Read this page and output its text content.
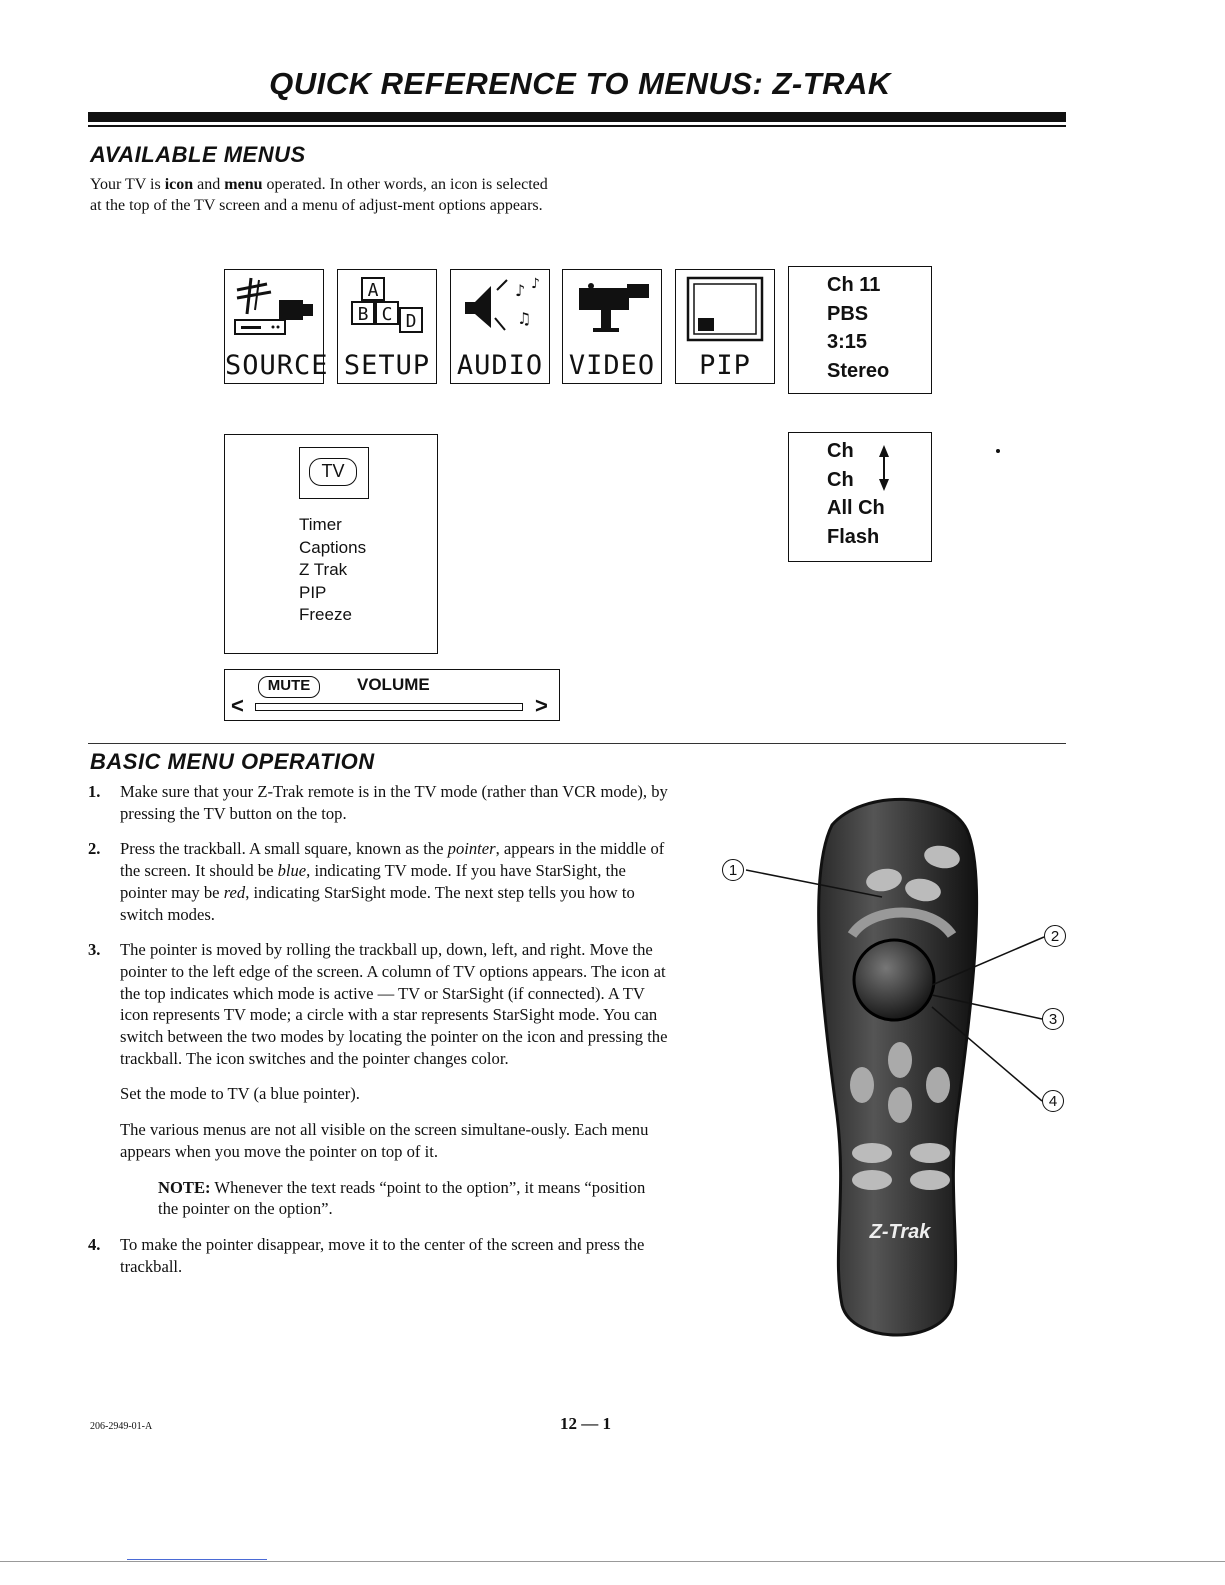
QUICK REFERENCE TO MENUS: Z-TRAK
AVAILABLE MENUS
Your TV is icon and menu operated. In other words, an icon is selected at the top of the TV screen and a menu of adjust-ment options appears.
SOURCE
A
B C D
SETUP
♪ ♪
♫
AUDIO VIDEO	PIP
Ch 11
PBS
3:15
Stereo
TV
Timer
Captions
Z Trak
PIP
Freeze
Ch
Ch
All Ch
Flash
MUTE	VOLUME
<	>
BASIC MENU OPERATION
1. Make sure that your Z-Trak remote is in the TV mode (rather than VCR mode), by pressing the TV button on the top.
2. Press the trackball. A small square, known as the pointer, appears in the middle of the screen. It should be blue, indicating TV mode. If you have StarSight, the pointer may be red, indicating StarSight mode. The next step tells you how to switch modes.
3. The pointer is moved by rolling the trackball up, down, left, and right. Move the pointer to the left edge of the screen. A column of TV options appears. The icon at the top indicates which mode is active — TV or StarSight (if connected). A TV icon represents TV mode; a circle with a star represents StarSight mode. You can switch between the two modes by locating the pointer on the icon and pressing the trackball. The icon switches and the pointer changes color.
Set the mode to TV (a blue pointer).
The various menus are not all visible on the screen simultane-ously. Each menu appears when you move the pointer on top of it.
NOTE: Whenever the text reads “point to the option”, it means “position the pointer on the option”.
4. To make the pointer disappear, move it to the center of the screen and press the trackball.
Z-Trak
1
2
3
4
206-2949-01-A	12 — 1
